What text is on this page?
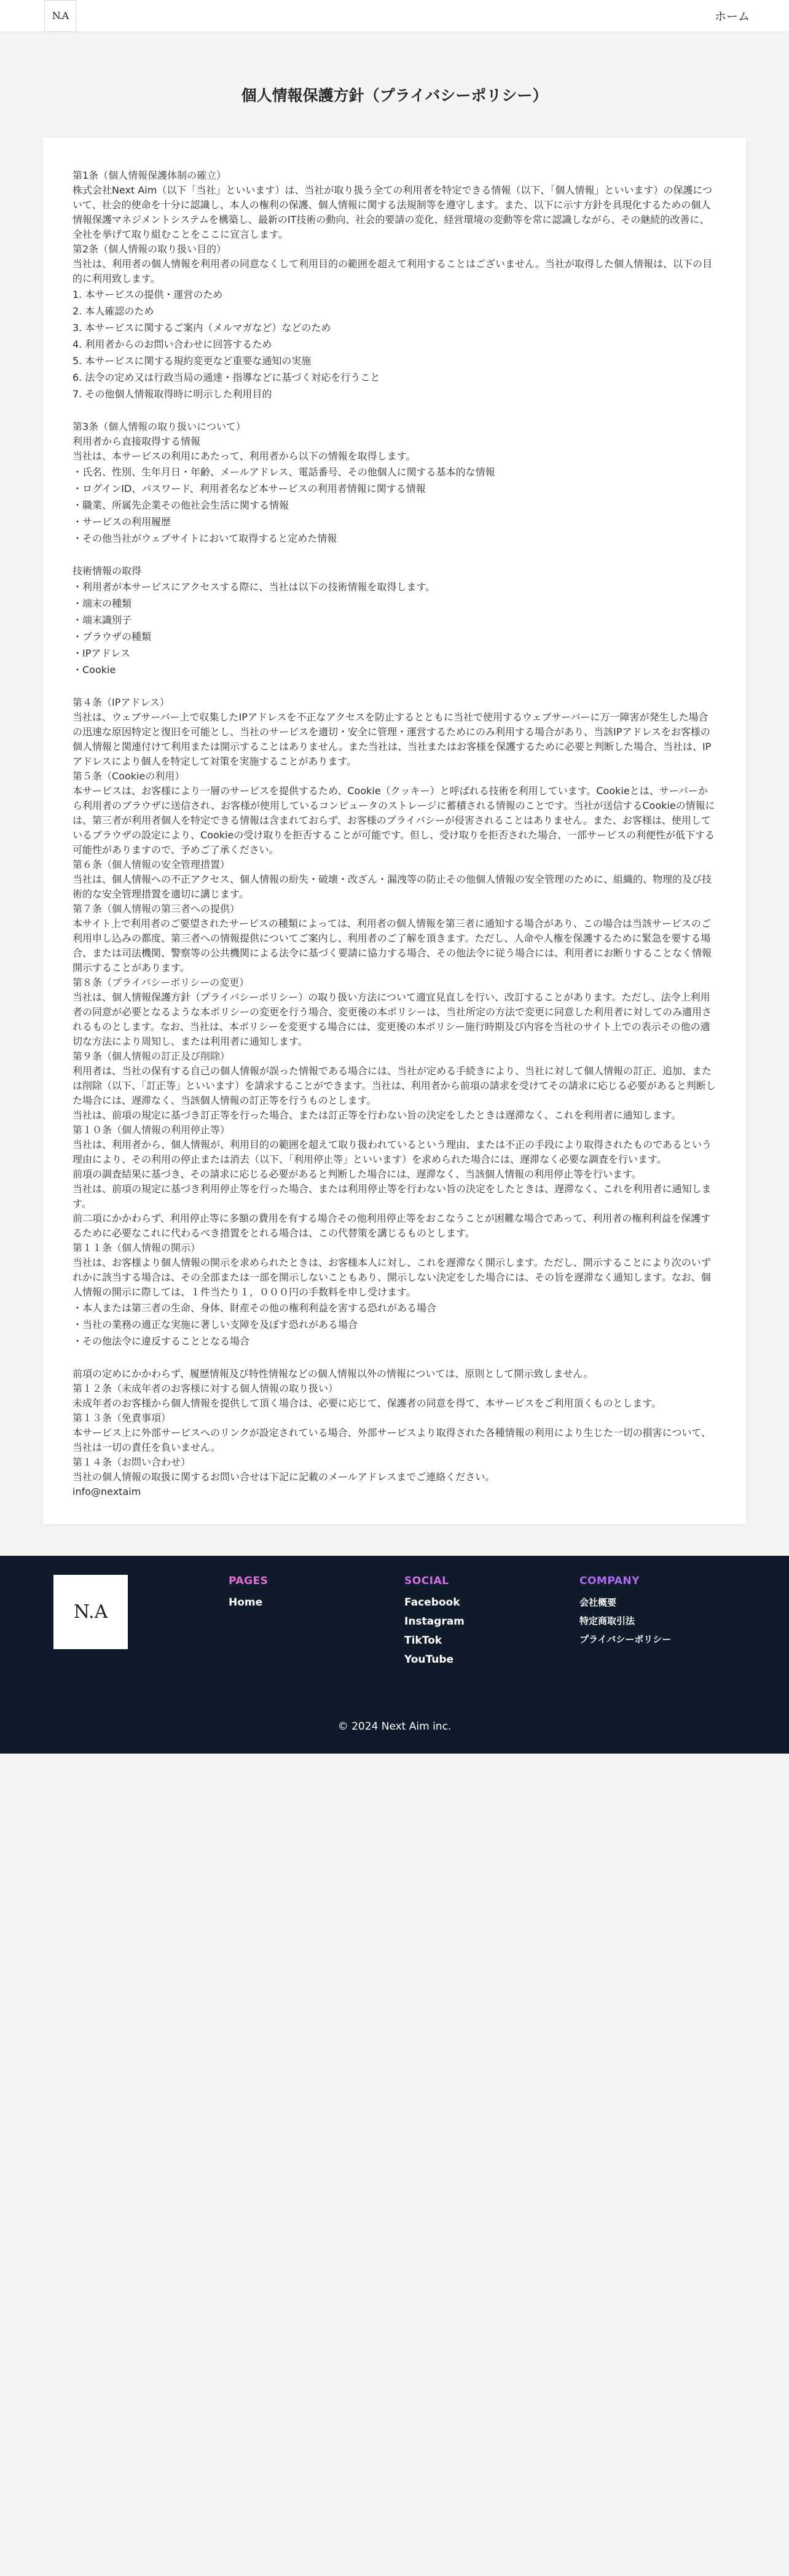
N.A	ホーム
個人情報保護方針（プライバシーポリシー）

第1条（個人情報保護体制の確立）

株式会社Next Aim（以下「当社」といいます）は、当社が取り扱う全ての利用者を特定できる情報（以下、「個人情報」といいます）の保護について、社会的使命を十分に認識し、本人の権利の保護、個人情報に関する法規制等を遵守します。また、以下に示す方針を具現化するための個人情報保護マネジメントシステムを構築し、最新のIT技術の動向、社会的要請の変化、経営環境の変動等を常に認識しながら、その継続的改善に、全社を挙げて取り組むことをここに宣言します。

第2条（個人情報の取り扱い目的）

当社は、利用者の個人情報を利用者の同意なくして利用目的の範囲を超えて利用することはございません。当社が取得した個人情報は、以下の目的に利用致します。

1. 本サービスの提供・運営のため
2. 本人確認のため
3. 本サービスに関するご案内（メルマガなど）などのため
4. 利用者からのお問い合わせに回答するため
5. 本サービスに関する規約変更など重要な通知の実施
6. 法令の定め又は行政当局の通達・指導などに基づく対応を行うこと
7. その他個人情報取得時に明示した利用目的

第3条（個人情報の取り扱いについて）

利用者から直接取得する情報

当社は、本サービスの利用にあたって、利用者から以下の情報を取得します。

・氏名、性別、生年月日・年齢、メールアドレス、電話番号、その他個人に関する基本的な情報
・ログインID、パスワード、利用者名など本サービスの利用者情報に関する情報
・職業、所属先企業その他社会生活に関する情報
・サービスの利用履歴
・その他当社がウェブサイトにおいて取得すると定めた情報

技術情報の取得

・利用者が本サービスにアクセスする際に、当社は以下の技術情報を取得します。
・端末の種類
・端末識別子
・ブラウザの種類
・IPアドレス
・Cookie

第４条（IPアドレス）

当社は、ウェブサーバー上で収集したIPアドレスを不正なアクセスを防止するとともに当社で使用するウェブサーバーに万一障害が発生した場合の迅速な原因特定と復旧を可能とし、当社のサービスを適切・安全に管理・運営するためにのみ利用する場合があり、当該IPアドレスをお客様の個人情報と関連付けて利用または開示することはありません。また当社は、当社またはお客様を保護するために必要と判断した場合、当社は、IPアドレスにより個人を特定して対策を実施することがあります。

第５条（Cookieの利用）

本サービスは、お客様により一層のサービスを提供するため、Cookie（クッキー）と呼ばれる技術を利用しています。Cookieとは、サーバーから利用者のブラウザに送信され、お客様が使用しているコンピュータのストレージに蓄積される情報のことです。当社が送信するCookieの情報には、第三者が利用者個人を特定できる情報は含まれておらず、お客様のプライバシーが侵害されることはありません。また、お客様は、使用しているブラウザの設定により、Cookieの受け取りを拒否することが可能です。但し、受け取りを拒否された場合、一部サービスの利便性が低下する可能性がありますので、予めご了承ください。

第６条（個人情報の安全管理措置）

当社は、個人情報への不正アクセス、個人情報の紛失・破壊・改ざん・漏洩等の防止その他個人情報の安全管理のために、組織的、物理的及び技術的な安全管理措置を適切に講じます。

第７条（個人情報の第三者への提供）

本サイト上で利用者のご要望されたサービスの種類によっては、利用者の個人情報を第三者に通知する場合があり、この場合は当該サービスのご利用申し込みの都度、第三者への情報提供についてご案内し、利用者のご了解を頂きます。ただし、人命や人権を保護するために緊急を要する場合、または司法機関、警察等の公共機関による法令に基づく要請に協力する場合、その他法令に従う場合には、利用者にお断りすることなく情報開示することがあります。

第８条（プライバシーポリシーの変更）

当社は、個人情報保護方針（プライバシーポリシー）の取り扱い方法について適宜見直しを行い、改訂することがあります。ただし、法令上利用者の同意が必要となるような本ポリシーの変更を行う場合、変更後の本ポリシーは、当社所定の方法で変更に同意した利用者に対してのみ適用されるものとします。なお、当社は、本ポリシーを変更する場合には、変更後の本ポリシー施行時期及び内容を当社のサイト上での表示その他の適切な方法により周知し、または利用者に通知します。

第９条（個人情報の訂正及び削除）

利用者は、当社の保有する自己の個人情報が誤った情報である場合には、当社が定める手続きにより、当社に対して個人情報の訂正、追加、または削除（以下、「訂正等」といいます）を請求することができます。当社は、利用者から前項の請求を受けてその請求に応じる必要があると判断した場合には、遅滞なく、当該個人情報の訂正等を行うものとします。

当社は、前項の規定に基づき訂正等を行った場合、または訂正等を行わない旨の決定をしたときは遅滞なく、これを利用者に通知します。

第１０条（個人情報の利用停止等）

当社は、利用者から、個人情報が、利用目的の範囲を超えて取り扱われているという理由、または不正の手段により取得されたものであるという理由により、その利用の停止または消去（以下、「利用停止等」といいます）を求められた場合には、遅滞なく必要な調査を行います。

前項の調査結果に基づき、その請求に応じる必要があると判断した場合には、遅滞なく、当該個人情報の利用停止等を行います。

当社は、前項の規定に基づき利用停止等を行った場合、または利用停止等を行わない旨の決定をしたときは、遅滞なく、これを利用者に通知します。

前二項にかかわらず、利用停止等に多額の費用を有する場合その他利用停止等をおこなうことが困難な場合であって、利用者の権利利益を保護するために必要なこれに代わるべき措置をとれる場合は、この代替策を講じるものとします。

第１１条（個人情報の開示）

当社は、お客様より個人情報の開示を求められたときは、お客様本人に対し、これを遅滞なく開示します。ただし、開示することにより次のいずれかに該当する場合は、その全部または一部を開示しないこともあり、開示しない決定をした場合には、その旨を遅滞なく通知します。なお、個人情報の開示に際しては、１件当たり１，０００円の手数料を申し受けます。

・本人または第三者の生命、身体、財産その他の権利利益を害する恐れがある場合
・当社の業務の適正な実施に著しい支障を及ぼす恐れがある場合
・その他法令に違反することとなる場合

前項の定めにかかわらず、履歴情報及び特性情報などの個人情報以外の情報については、原則として開示致しません。

第１２条（未成年者のお客様に対する個人情報の取り扱い）

未成年者のお客様から個人情報を提供して頂く場合は、必要に応じて、保護者の同意を得て、本サービスをご利用頂くものとします。

第１３条（免責事項）

本サービス上に外部サービスへのリンクが設定されている場合、外部サービスより取得された各種情報の利用により生じた一切の損害について、当社は一切の責任を負いません。

第１４条（お問い合わせ）

当社の個人情報の取扱に関するお問い合せは下記に記載のメールアドレスまでご連絡ください。

info@nextaim

N.A
PAGES
Home
SOCIAL
Facebook
Instagram
TikTok
YouTube
COMPANY
会社概要
特定商取引法
プライバシーポリシー
© 2024 Next Aim inc.
